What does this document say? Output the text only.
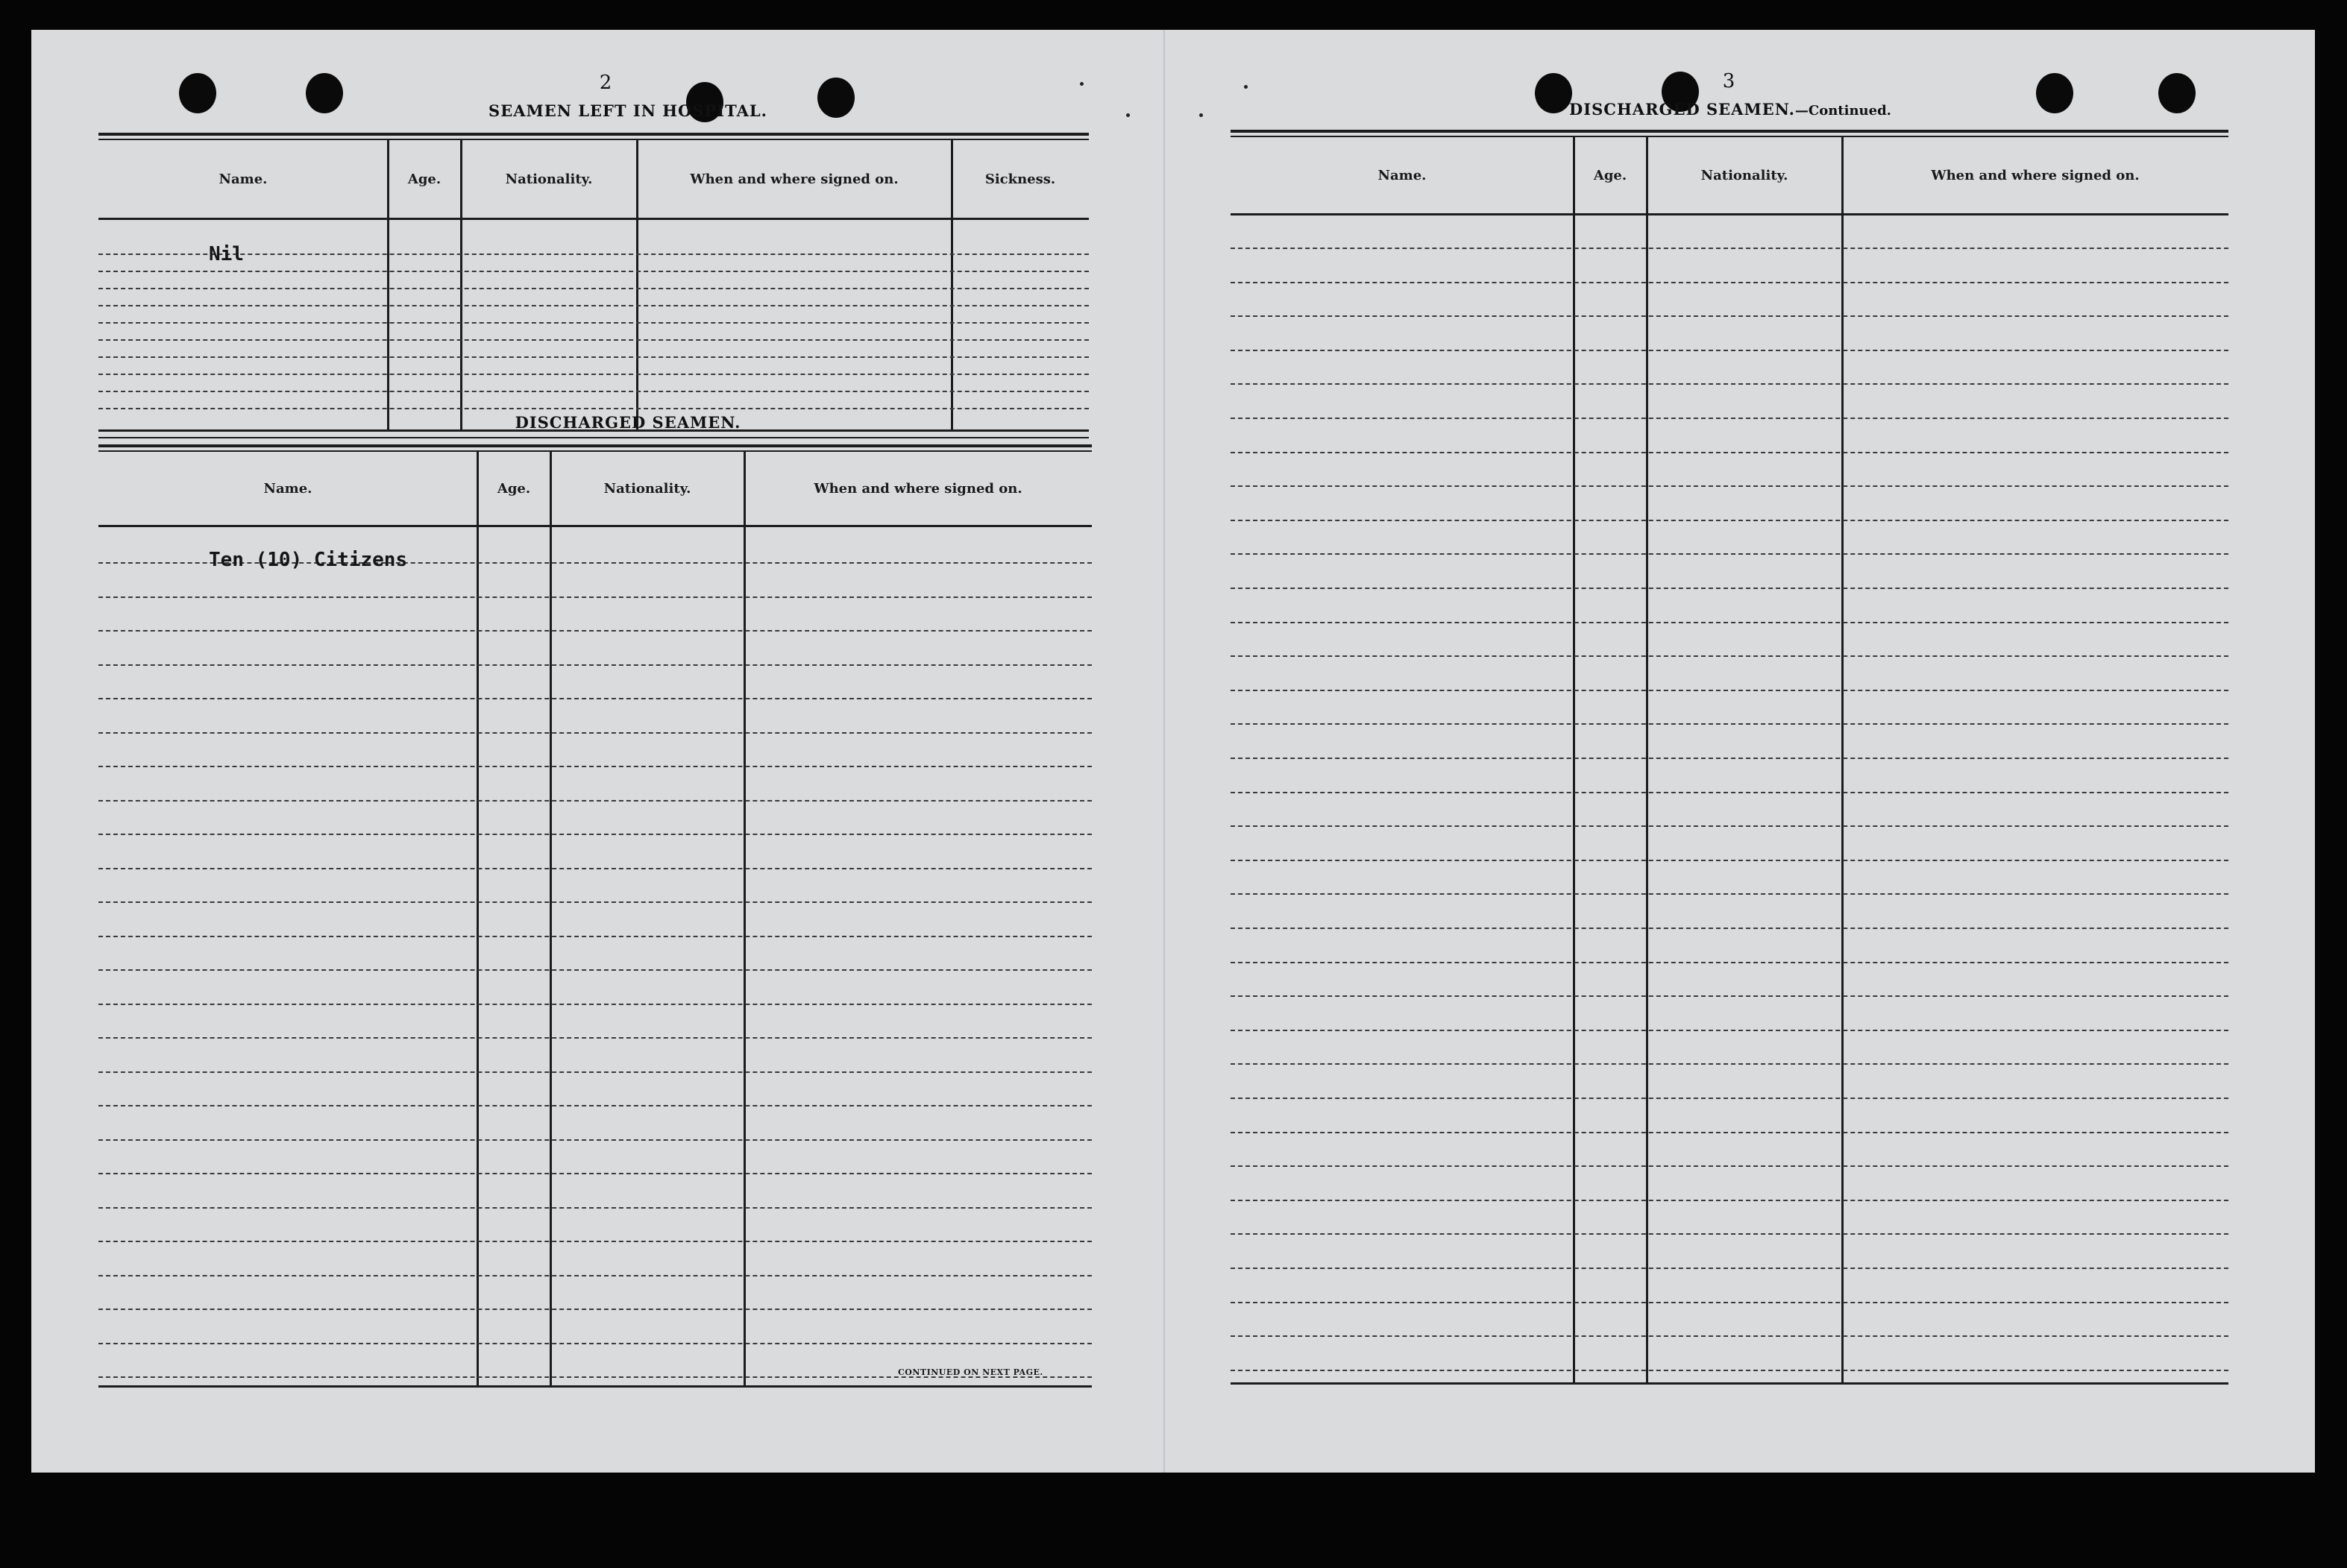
2
SEAMEN LEFT IN HOSPITAL.
Name.	Age.	Nationality.	When and where signed on.	Sickness.
Nil
DISCHARGED SEAMEN.
Name.	Age.	Nationality.	When and where signed on.
Ten (10) Citizens
CONTINUED ON NEXT PAGE.
3
DISCHARGED SEAMEN.—Continued.
Name.	Age.	Nationality.	When and where signed on.
